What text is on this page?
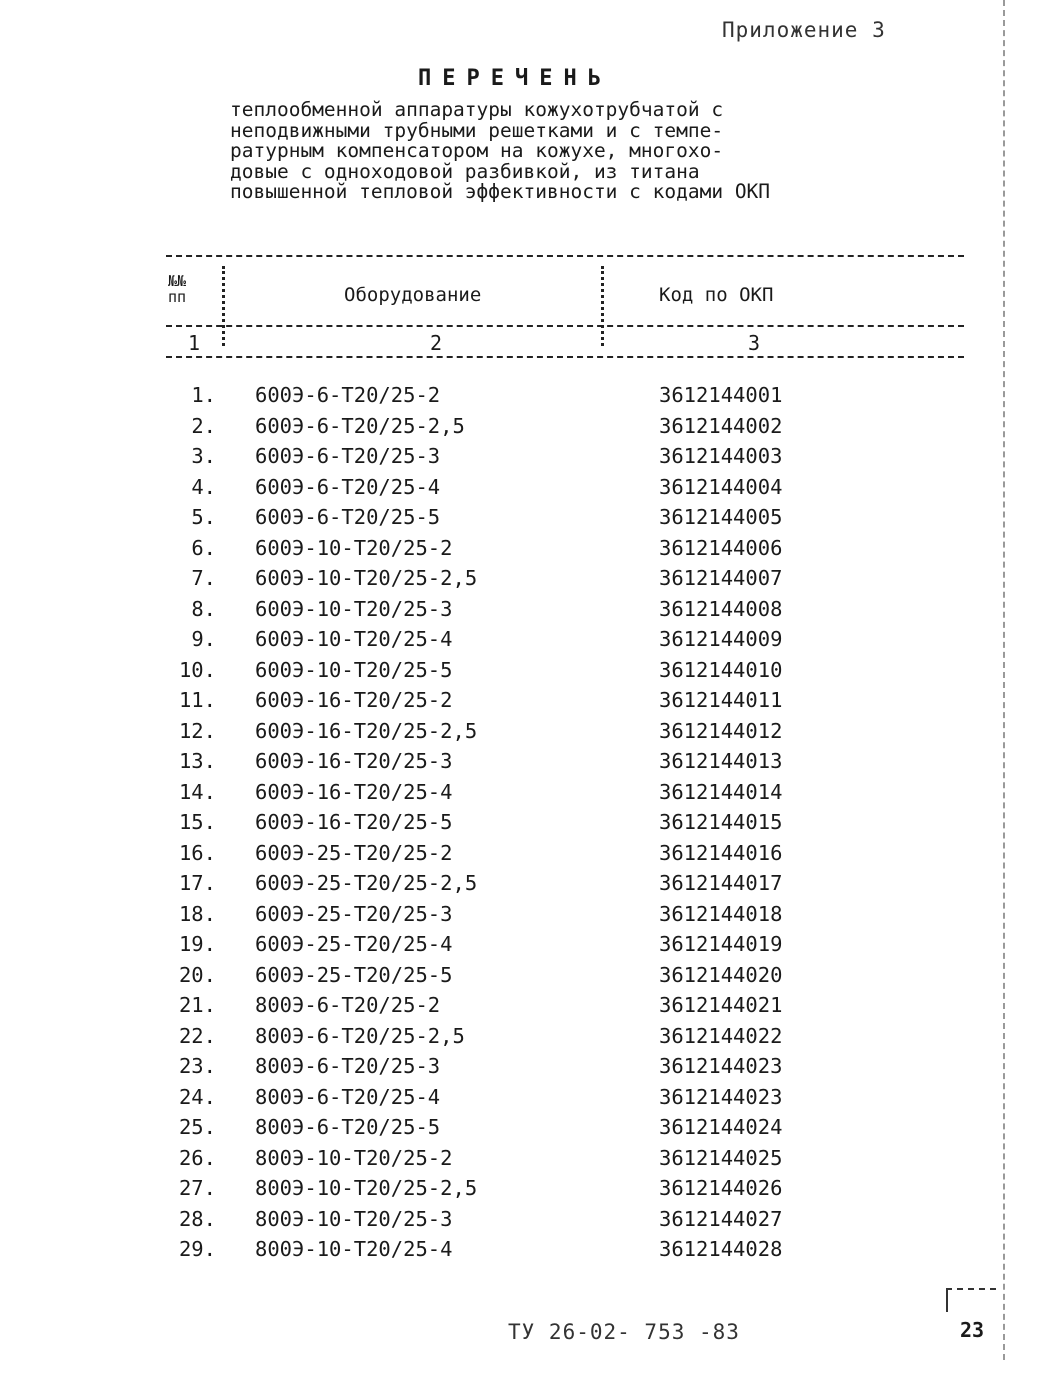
Приложение 3
ПЕРЕЧЕНЬ
теплообменной аппаратуры кожухотрубчатой с
неподвижными трубными решетками и с темпе-
ратурным компенсатором на кожухе, многохо-
довые с одноходовой разбивкой, из титана
повышенной тепловой эффективности с кодами ОКП
№№
пп	Оборудование	Код по ОКП
1	2	3
1. 600Э-6-Т20/25-2	3612144001
2. 600Э-6-Т20/25-2,5	3612144002
3. 600Э-6-Т20/25-3	3612144003
4. 600Э-6-Т20/25-4	3612144004
5. 600Э-6-Т20/25-5	3612144005
6. 600Э-10-Т20/25-2	3612144006
7. 600Э-10-Т20/25-2,5	3612144007
8. 600Э-10-Т20/25-3	3612144008
9. 600Э-10-Т20/25-4	3612144009
10. 600Э-10-Т20/25-5	3612144010
11. 600Э-16-Т20/25-2	3612144011
12. 600Э-16-Т20/25-2,5	3612144012
13. 600Э-16-Т20/25-3	3612144013
14. 600Э-16-Т20/25-4	3612144014
15. 600Э-16-Т20/25-5	3612144015
16. 600Э-25-Т20/25-2	3612144016
17. 600Э-25-Т20/25-2,5	3612144017
18. 600Э-25-Т20/25-3	3612144018
19. 600Э-25-Т20/25-4	3612144019
20. 600Э-25-Т20/25-5	3612144020
21. 800Э-6-Т20/25-2	3612144021
22. 800Э-6-Т20/25-2,5	3612144022
23. 800Э-6-Т20/25-3	3612144023
24. 800Э-6-Т20/25-4	3612144023
25. 800Э-6-Т20/25-5	3612144024
26. 800Э-10-Т20/25-2	3612144025
27. 800Э-10-Т20/25-2,5	3612144026
28. 800Э-10-Т20/25-3	3612144027
29. 800Э-10-Т20/25-4	3612144028
ТУ 26-02- 753 -83	23
